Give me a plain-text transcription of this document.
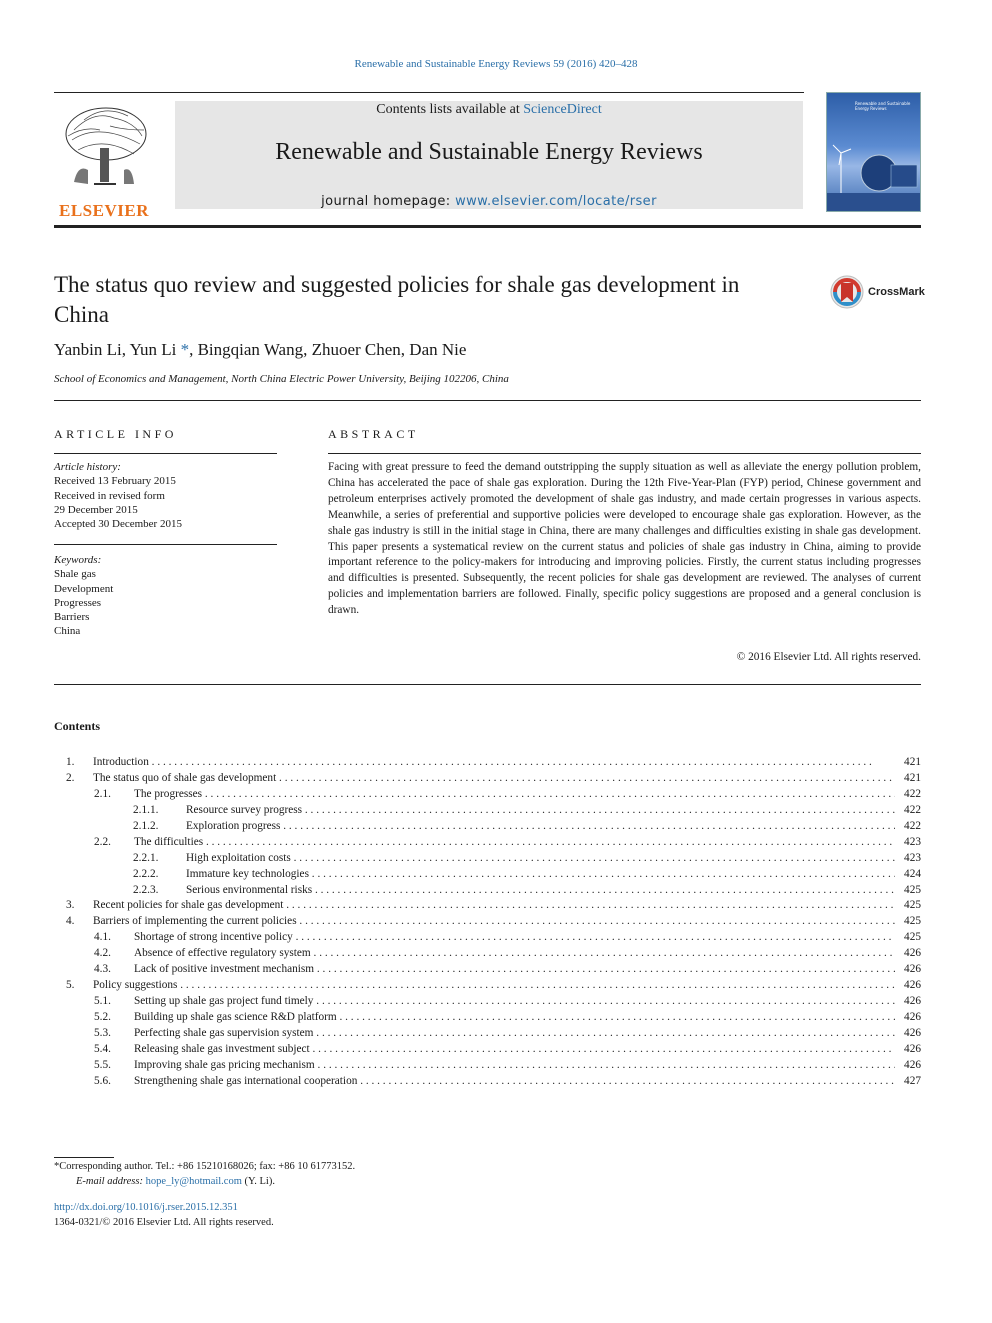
Renewable and Sustainable Energy Reviews 59 (2016) 420–428
ELSEVIER
Contents lists available at ScienceDirect
Renewable and Sustainable Energy Reviews
journal homepage: www.elsevier.com/locate/rser
Renewable and Sustainable Energy Reviews
The status quo review and suggested policies for shale gas development in China
CrossMark
Yanbin Li, Yun Li *, Bingqian Wang, Zhuoer Chen, Dan Nie
School of Economics and Management, North China Electric Power University, Beijing 102206, China
ARTICLE INFO	ABSTRACT
Article history:
Received 13 February 2015
Received in revised form
29 December 2015
Accepted 30 December 2015
Keywords:
Shale gas
Development
Progresses
Barriers
China
Facing with great pressure to feed the demand outstripping the supply situation as well as alleviate the energy pollution problem, China has accelerated the pace of shale gas exploration. During the 12th Five-Year-Plan (FYP) period, Chinese government and petroleum enterprises actively promoted the development of shale gas industry, and made certain progresses in various aspects. Meanwhile, a series of preferential and supportive policies were developed to encourage shale gas exploration. However, as the shale gas industry is still in the initial stage in China, there are many challenges and difficulties existing in shale gas development. This paper presents a systematical review on the current status and policies of shale gas industry in China, aiming to provide important reference to the policy-makers for introducing and improving policies. Firstly, the current status including progresses and difficulties is presented. Subsequently, the recent policies for shale gas development are reviewed. The analyses of current policies and implementation barriers are followed. Finally, specific policy suggestions are proposed and a general conclusion is drawn.
© 2016 Elsevier Ltd. All rights reserved.
Contents
1. Introduction . . .	421
2. The status quo of shale gas development . . .	421
2.1. The progresses . . .	422
2.1.1. Resource survey progress . . .	422
2.1.2. Exploration progress . . .	422
2.2. The difficulties . . .	423
2.2.1. High exploitation costs . . .	423
2.2.2. Immature key technologies . . .	424
2.2.3. Serious environmental risks . . .	425
3. Recent policies for shale gas development . . .	425
4. Barriers of implementing the current policies . . .	425
4.1. Shortage of strong incentive policy . . .	425
4.2. Absence of effective regulatory system . . .	426
4.3. Lack of positive investment mechanism . . .	426
5. Policy suggestions . . .	426
5.1. Setting up shale gas project fund timely . . .	426
5.2. Building up shale gas science R&D platform . . .	426
5.3. Perfecting shale gas supervision system . . .	426
5.4. Releasing shale gas investment subject . . .	426
5.5. Improving shale gas pricing mechanism . . .	426
5.6. Strengthening shale gas international cooperation . . .	427
*Corresponding author. Tel.: +86 15210168026; fax: +86 10 61773152.
E-mail address: hope_ly@hotmail.com (Y. Li).
http://dx.doi.org/10.1016/j.rser.2015.12.351
1364-0321/© 2016 Elsevier Ltd. All rights reserved.
